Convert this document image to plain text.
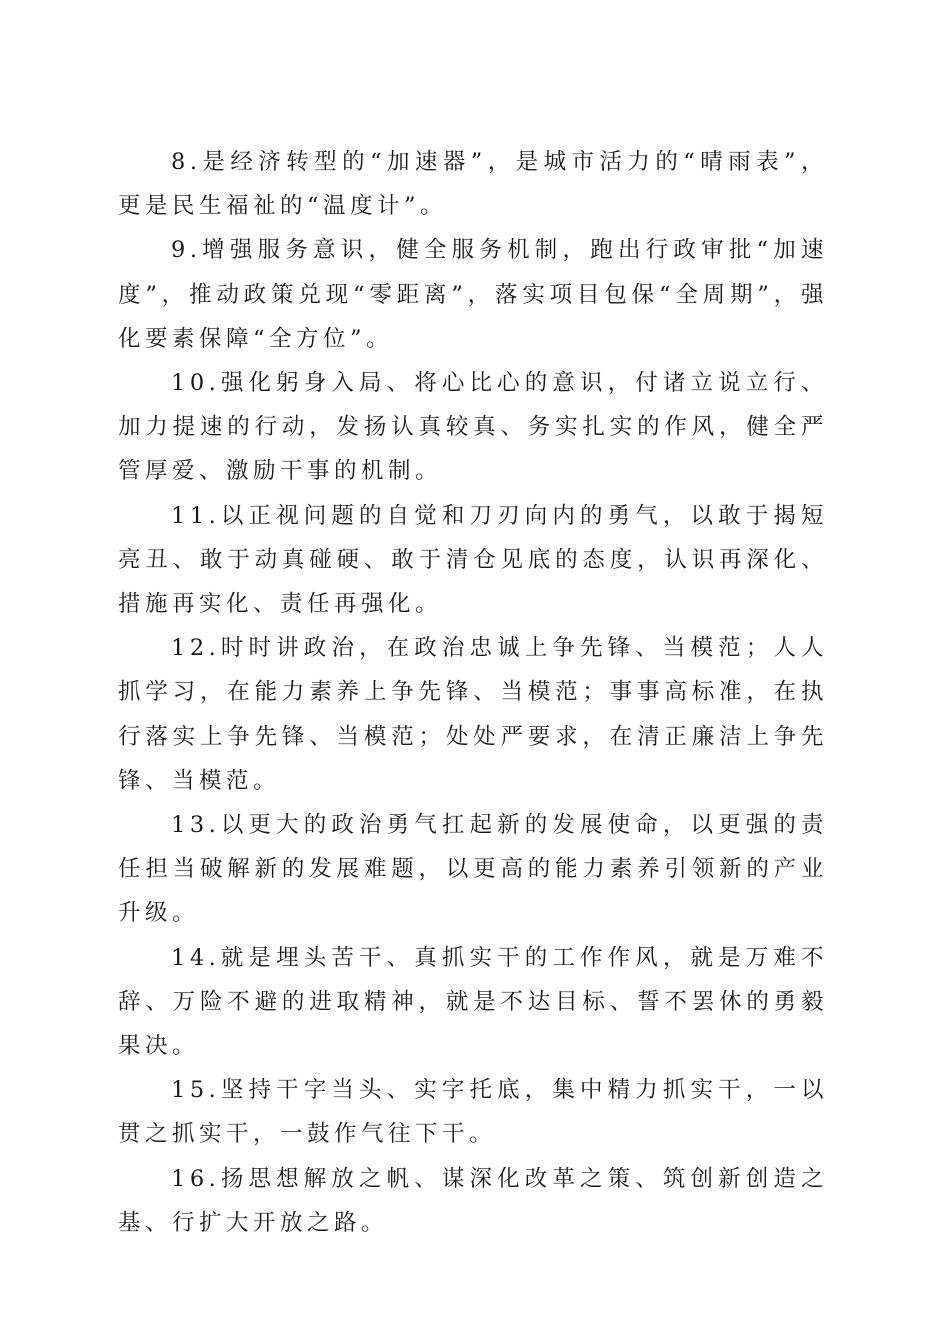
8.是经济转型的“加速器”，是城市活力的“晴雨表”，更是民生福祉的“温度计”。

9.增强服务意识，健全服务机制，跑出行政审批“加速度”，推动政策兑现“零距离”，落实项目包保“全周期”，强化要素保障“全方位”。

10.强化躬身入局、将心比心的意识，付诸立说立行、加力提速的行动，发扬认真较真、务实扎实的作风，健全严管厚爱、激励干事的机制。

11.以正视问题的自觉和刀刃向内的勇气，以敢于揭短亮丑、敢于动真碰硬、敢于清仓见底的态度，认识再深化、措施再实化、责任再强化。

12.时时讲政治，在政治忠诚上争先锋、当模范；人人抓学习，在能力素养上争先锋、当模范；事事高标准，在执行落实上争先锋、当模范；处处严要求，在清正廉洁上争先锋、当模范。

13.以更大的政治勇气扛起新的发展使命，以更强的责任担当破解新的发展难题，以更高的能力素养引领新的产业升级。

14.就是埋头苦干、真抓实干的工作作风，就是万难不辞、万险不避的进取精神，就是不达目标、誓不罢休的勇毅果决。

15.坚持干字当头、实字托底，集中精力抓实干，一以贯之抓实干，一鼓作气往下干。

16.扬思想解放之帆、谋深化改革之策、筑创新创造之基、行扩大开放之路。
